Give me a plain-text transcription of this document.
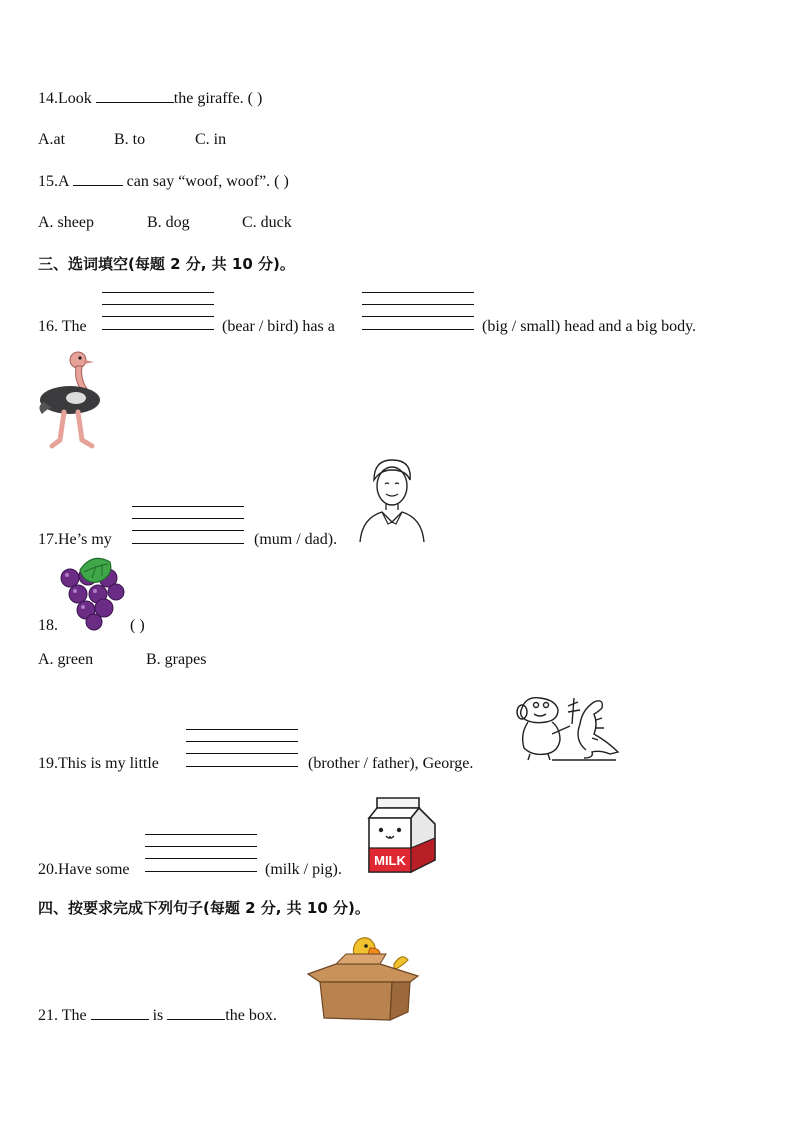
14.Look	the giraffe. ( )
A.at	B. to	C. in
15.A	can say “woof, woof”. ( )
A. sheep	B. dog	C. duck
三、选词填空(每题 2 分, 共 10 分)。
16. The	(bear / bird) has a	(big / small) head and a big body.
17.He’s my	(mum / dad).
18.	( )
A. green	B. grapes
19.This is my little	(brother / father), George.
20.Have some	(milk / pig).
MILK
四、按要求完成下列句子(每题 2 分, 共 10 分)。
21. The	is	the box.
